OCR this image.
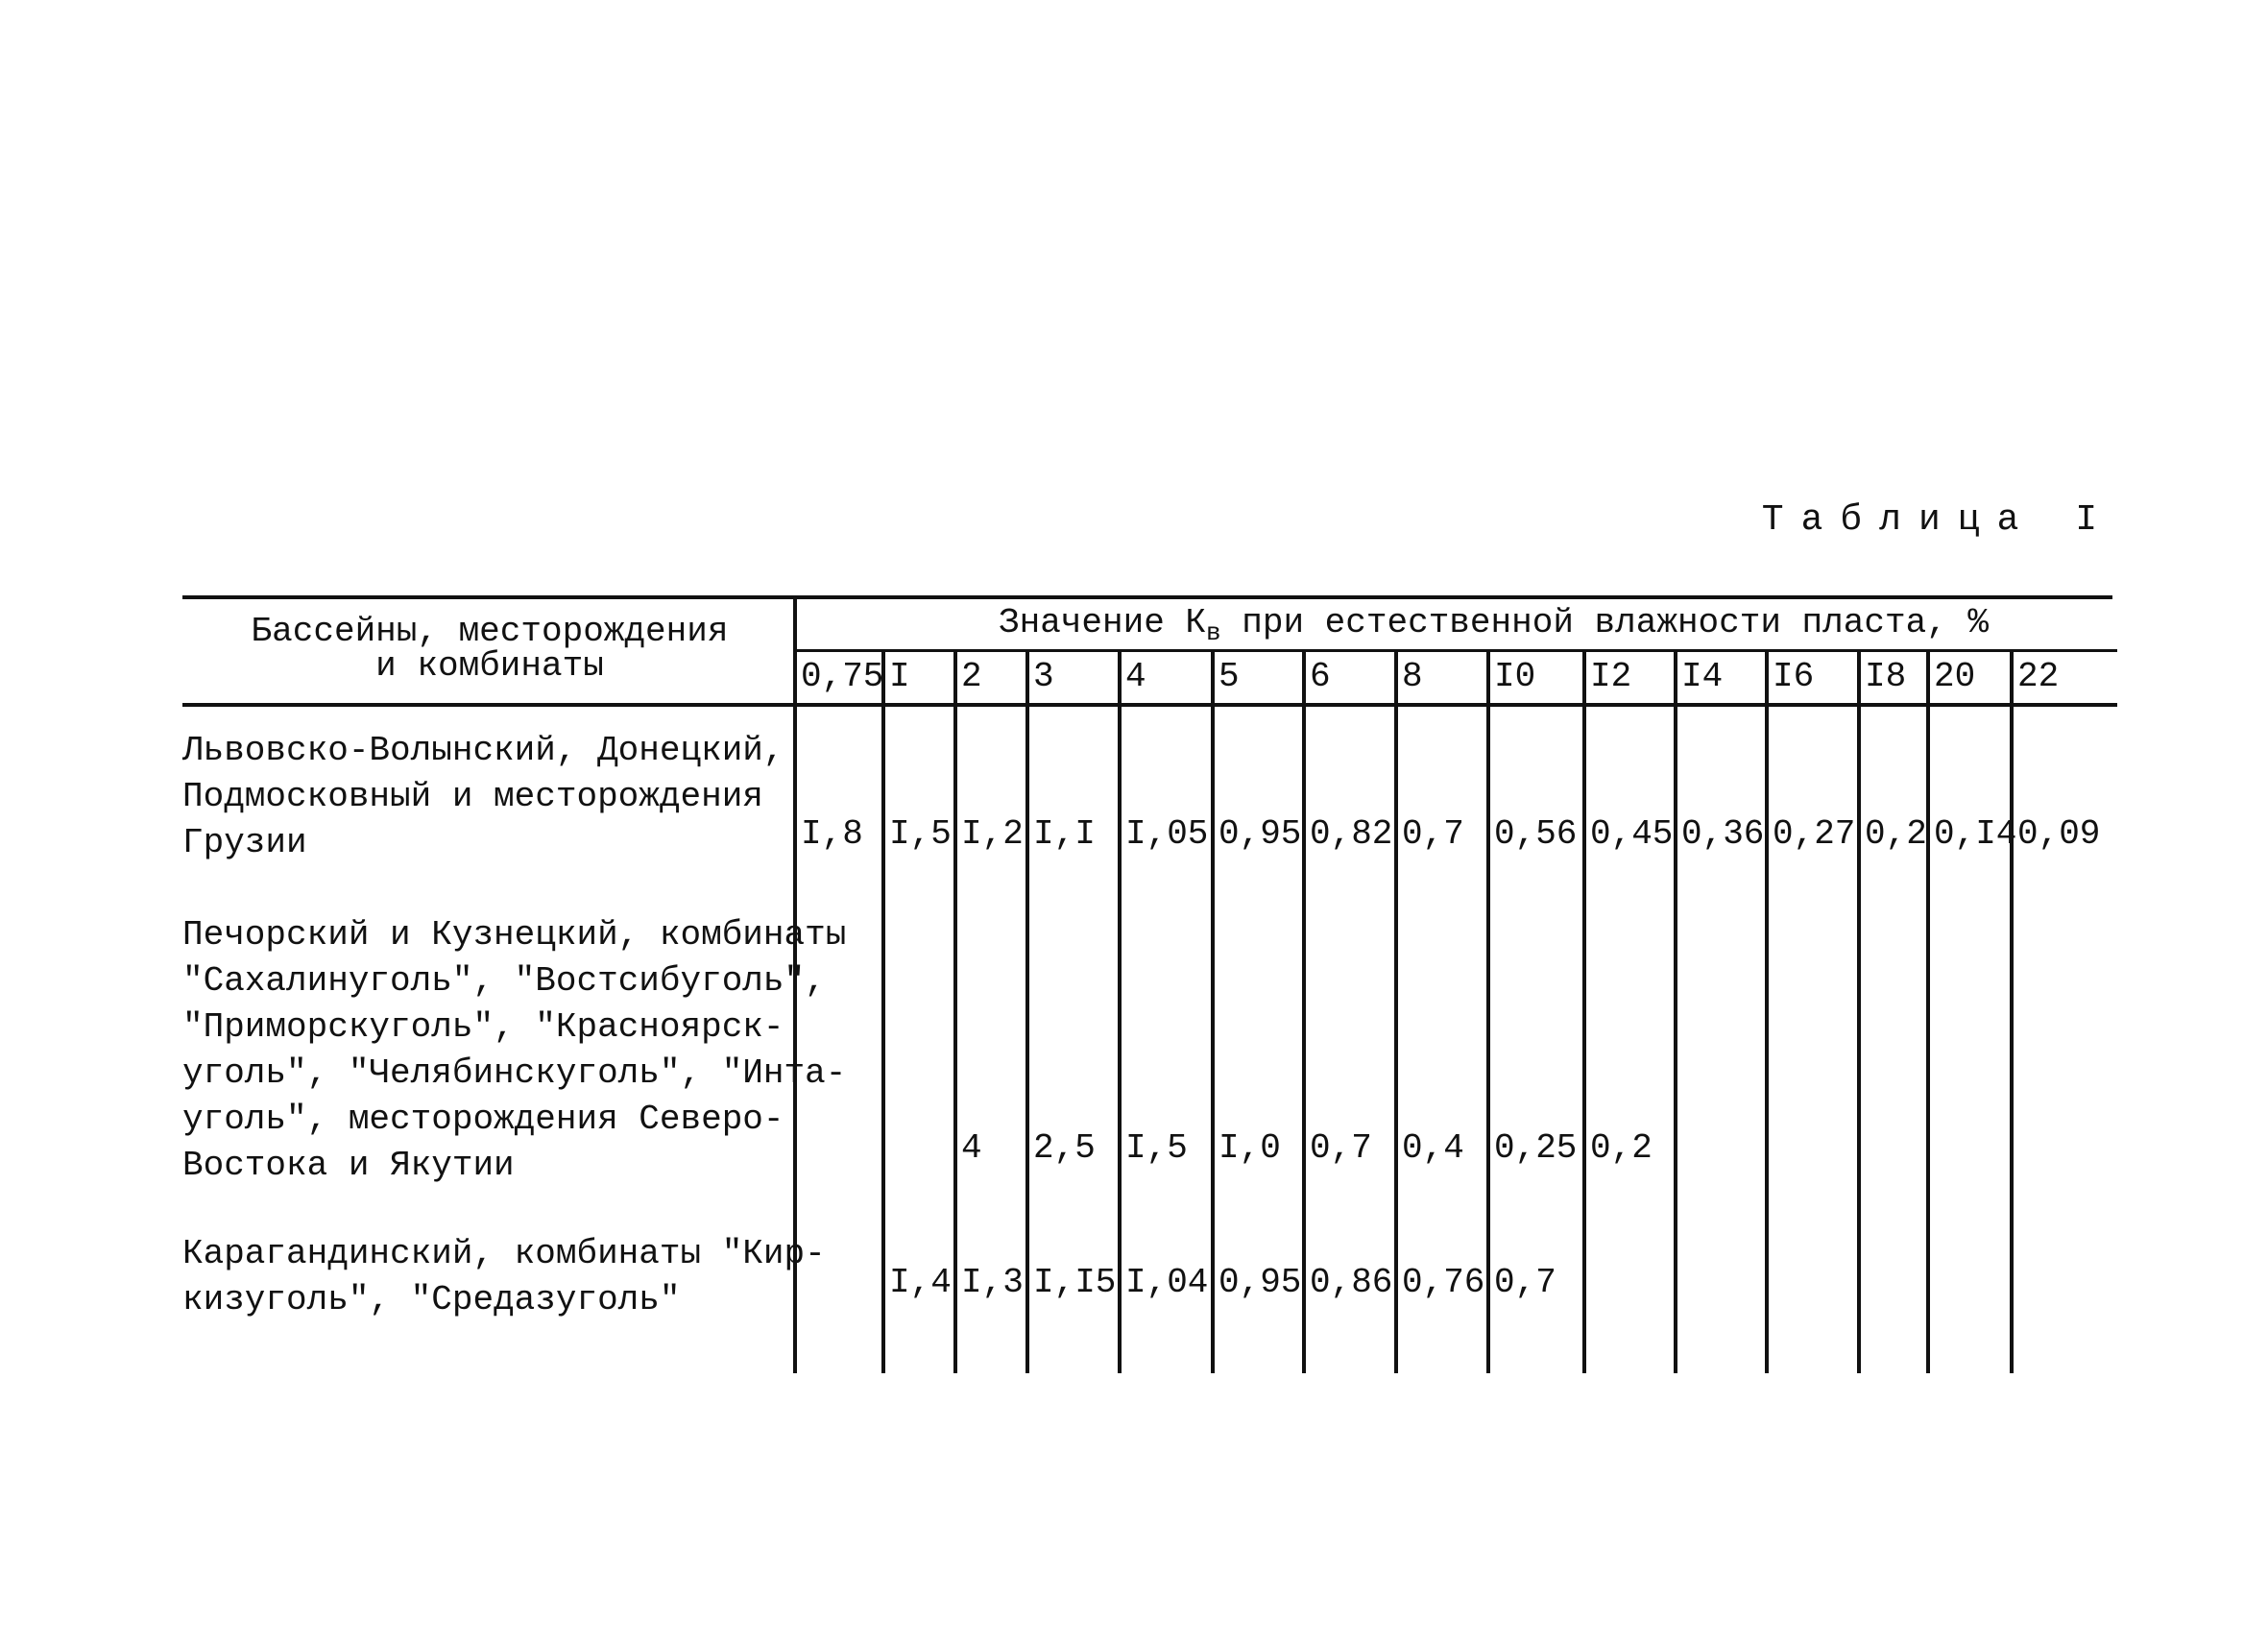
Таблица I
Бассейны, месторождения
и комбинаты
Значение $К_в$ при естественной влажности пласта, %
0,75 I 2 3 4 5 6 8 I0 I2 I4 I6 I8 20 22
Львовско-Волынский, Донецкий,
Подмосковный и месторождения
Грузии
Печорский и Кузнецкий, комбинаты
"Сахалинуголь", "Востсибуголь",
"Приморскуголь", "Красноярск-
уголь", "Челябинскуголь", "Инта-
уголь", месторождения Северо-
Востока и Якутии
Карагандинский, комбинаты "Кир-
кизуголь", "Средазуголь"
I,8 I,5 I,2 I,I I,05 0,95 0,82 0,7 0,56 0,45 0,36 0,27 0,2 0,I4 0,09
4 2,5 I,5 I,0 0,7 0,4 0,25 0,2
I,4 I,3 I,I5 I,04 0,95 0,86 0,76 0,7
